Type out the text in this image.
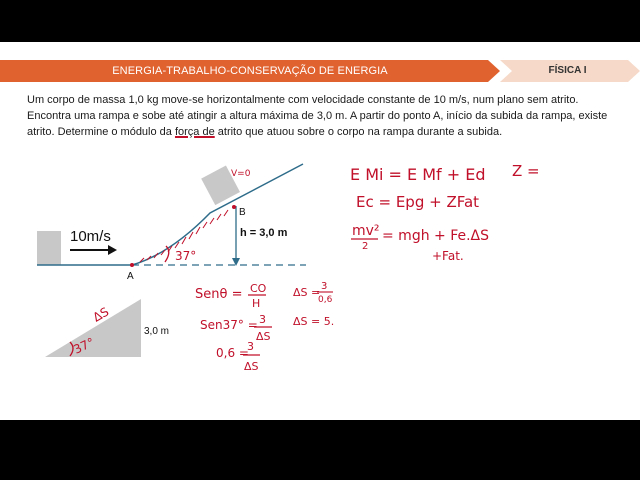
ENERGIA-TRABALHO-CONSERVAÇÃO DE ENERGIA	FÍSICA I
Um corpo de massa 1,0 kg move-se horizontalmente com velocidade constante de 10 m/s, num plano sem atrito. Encontra uma rampa e sobe até atingir a altura máxima de 3,0 m. A partir do ponto A, início da subida da rampa, existe atrito. Determine o módulo da força de atrito que atuou sobre o corpo na rampa durante a subida.
10m/s
A
B
h = 3,0 m
37°
V=0
3,0 m
ΔS
37°
E Mi = E Mf + Ed
Ec = Epg + ZFat
mv²
2
= mgh + Fe.ΔS
+Fat.
Z =
Senθ = CO
H
Sen37° = 3
ΔS
0,6 =
3
ΔS
ΔS = 3
0,6
ΔS = 5.
